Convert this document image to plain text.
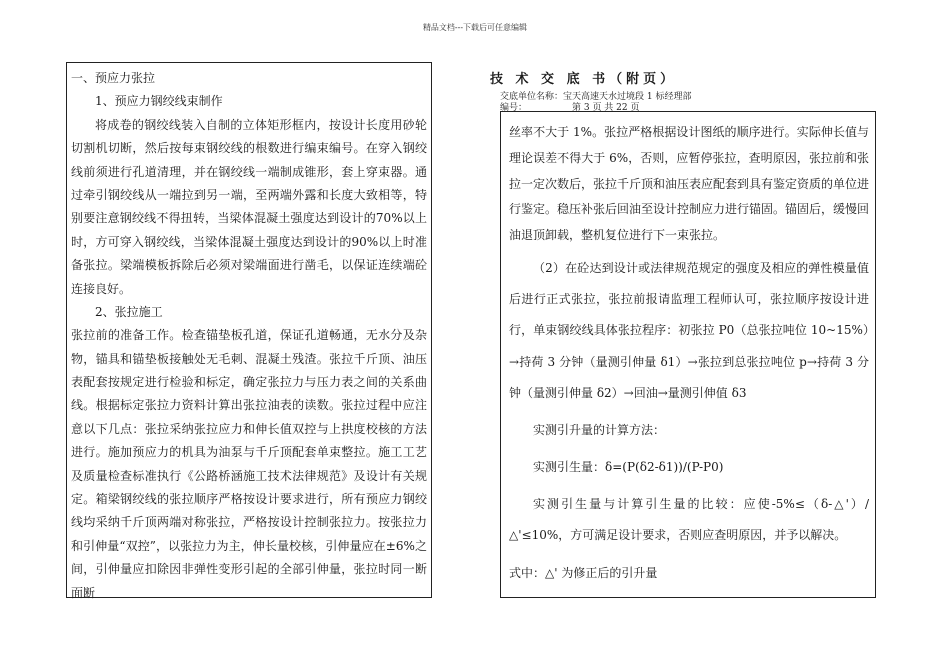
精品文档---下载后可任意编辑

一、预应力张拉

1、预应力钢绞线束制作

将成卷的钢绞线装入自制的立体矩形框内，按设计长度用砂轮切割机切断，然后按每束钢绞线的根数进行编束编号。在穿入钢绞线前须进行孔道清理，并在钢绞线一端制成锥形，套上穿束器。通过牵引钢绞线从一端拉到另一端，至两端外露和长度大致相等，特别要注意钢绞线不得扭转，当梁体混凝土强度达到设计的70%以上时，方可穿入钢绞线，当梁体混凝土强度达到设计的90%以上时准备张拉。梁端模板拆除后必须对梁端面进行凿毛，以保证连续端砼连接良好。

2、张拉施工

张拉前的准备工作。检查锚垫板孔道，保证孔道畅通，无水分及杂物，锚具和锚垫板接触处无毛刺、混凝土残渣。张拉千斤顶、油压表配套按规定进行检验和标定，确定张拉力与压力表之间的关系曲线。根据标定张拉力资料计算出张拉油表的读数。张拉过程中应注意以下几点：张拉采纳张拉应力和伸长值双控与上拱度校核的方法进行。施加预应力的机具为油泵与千斤顶配套单束整拉。施工工艺及质量检查标准执行《公路桥涵施工技术法律规范》及设计有关规定。箱梁钢绞线的张拉顺序严格按设计要求进行，所有预应力钢绞线均采纳千斤顶两端对称张拉，严格按设计控制张拉力。按张拉力和引伸量“双控”，以张拉力为主，伸长量校核，引伸量应在±6%之间，引伸量应扣除因非弹性变形引起的全部引伸量，张拉时同一断面断

技 术 交 底 书（附页）
交底单位名称：宝天高速天水过境段 1 标经理部
编号：	第 3 页 共 22 页

丝率不大于 1%。张拉严格根据设计图纸的顺序进行。实际伸长值与理论误差不得大于 6%，否则，应暂停张拉，查明原因，张拉前和张拉一定次数后，张拉千斤顶和油压表应配套到具有鉴定资质的单位进行鉴定。稳压补张后回油至设计控制应力进行锚固。锚固后，缓慢回油退顶卸载，整机复位进行下一束张拉。

（2）在砼达到设计或法律规范规定的强度及相应的弹性模量值后进行正式张拉，张拉前报请监理工程师认可，张拉顺序按设计进行，单束钢绞线具体张拉程序：初张拉 P0（总张拉吨位 10~15%）→持荷 3 分钟（量测引伸量 δ1）→张拉到总张拉吨位 p→持荷 3 分钟（量测引伸量 δ2）→回油→量测引伸值 δ3

实测引升量的计算方法：

实测引生量：δ=(P(δ2-δ1))/(P-P0)

实测引生量与计算引生量的比较：应使-5%≤（δ-△'）/△'≤10%，方可满足设计要求，否则应查明原因，并予以解决。

式中：△' 为修正后的引升量
